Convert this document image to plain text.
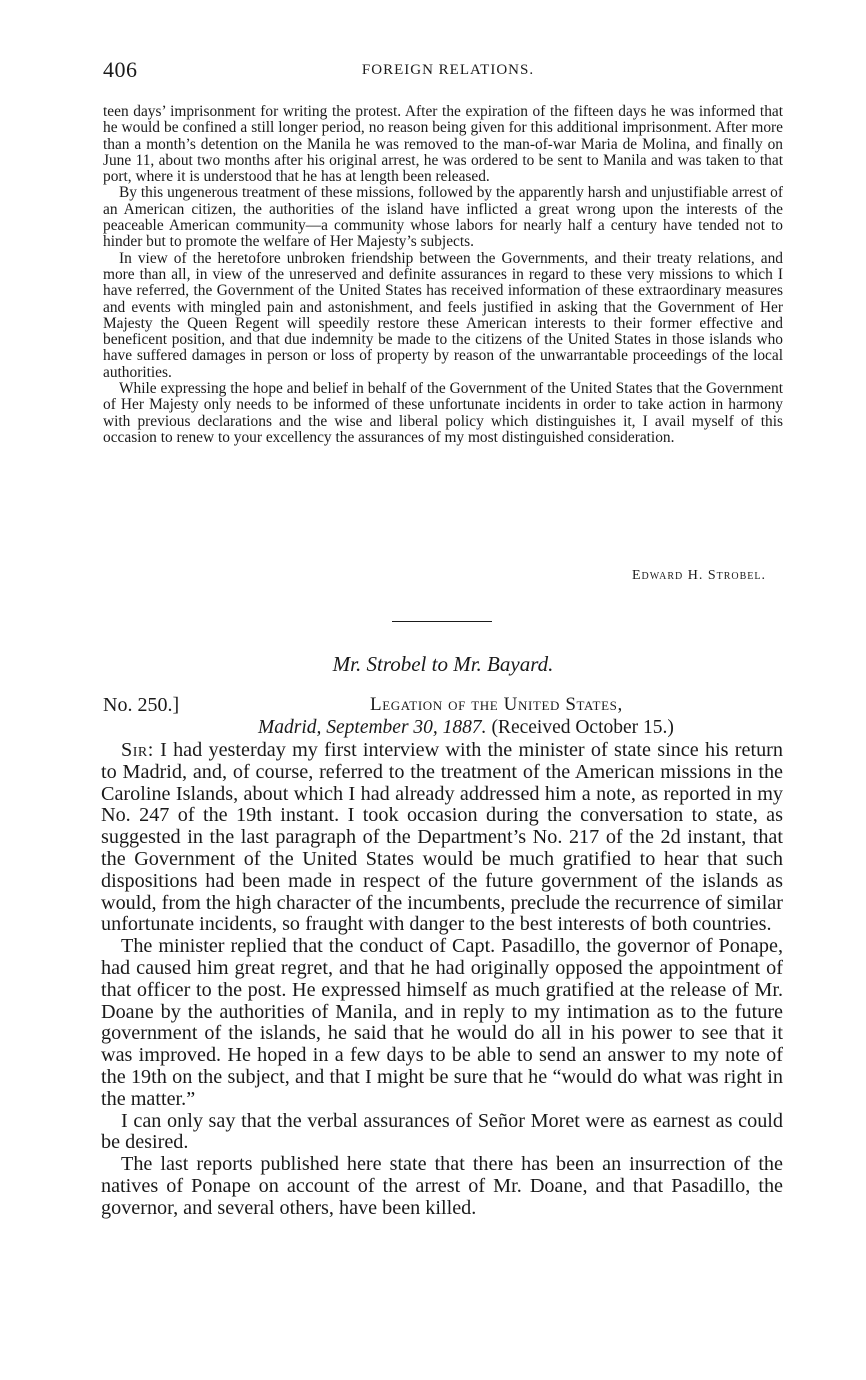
406	FOREIGN RELATIONS.

teen days’ imprisonment for writing the protest. After the expiration of the fifteen days he was informed that he would be confined a still longer period, no reason being given for this additional imprisonment. After more than a month’s detention on the Manila he was removed to the man-of-war Maria de Molina, and finally on June 11, about two months after his original arrest, he was ordered to be sent to Manila and was taken to that port, where it is understood that he has at length been released.

By this ungenerous treatment of these missions, followed by the apparently harsh and unjustifiable arrest of an American citizen, the authorities of the island have inflicted a great wrong upon the interests of the peaceable American community—a community whose labors for nearly half a century have tended not to hinder but to promote the welfare of Her Majesty’s subjects.

In view of the heretofore unbroken friendship between the Governments, and their treaty relations, and more than all, in view of the unreserved and definite assurances in regard to these very missions to which I have referred, the Government of the United States has received information of these extraordinary measures and events with mingled pain and astonishment, and feels justified in asking that the Government of Her Majesty the Queen Regent will speedily restore these American interests to their former effective and beneficent position, and that due indemnity be made to the citizens of the United States in those islands who have suffered damages in person or loss of property by reason of the unwarrantable proceedings of the local authorities.

While expressing the hope and belief in behalf of the Government of the United States that the Government of Her Majesty only needs to be informed of these unfortunate incidents in order to take action in harmony with previous declarations and the wise and liberal policy which distinguishes it, I avail myself of this occasion to renew to your excellency the assurances of my most distinguished consideration.

Edward H. Strobel.
Mr. Strobel to Mr. Bayard.
No. 250.]	Legation of the United States,
Madrid, September 30, 1887. (Received October 15.)

Sir: I had yesterday my first interview with the minister of state since his return to Madrid, and, of course, referred to the treatment of the American missions in the Caroline Islands, about which I had already addressed him a note, as reported in my No. 247 of the 19th instant. I took occasion during the conversation to state, as suggested in the last paragraph of the Department’s No. 217 of the 2d instant, that the Government of the United States would be much gratified to hear that such dispositions had been made in respect of the future government of the islands as would, from the high character of the incumbents, preclude the recurrence of similar unfortunate incidents, so fraught with danger to the best interests of both countries.

The minister replied that the conduct of Capt. Pasadillo, the governor of Ponape, had caused him great regret, and that he had originally opposed the appointment of that officer to the post. He expressed himself as much gratified at the release of Mr. Doane by the authorities of Manila, and in reply to my intimation as to the future government of the islands, he said that he would do all in his power to see that it was improved. He hoped in a few days to be able to send an answer to my note of the 19th on the subject, and that I might be sure that he “would do what was right in the matter.”

I can only say that the verbal assurances of Señor Moret were as earnest as could be desired.

The last reports published here state that there has been an insurrection of the natives of Ponape on account of the arrest of Mr. Doane, and that Pasadillo, the governor, and several others, have been killed.
